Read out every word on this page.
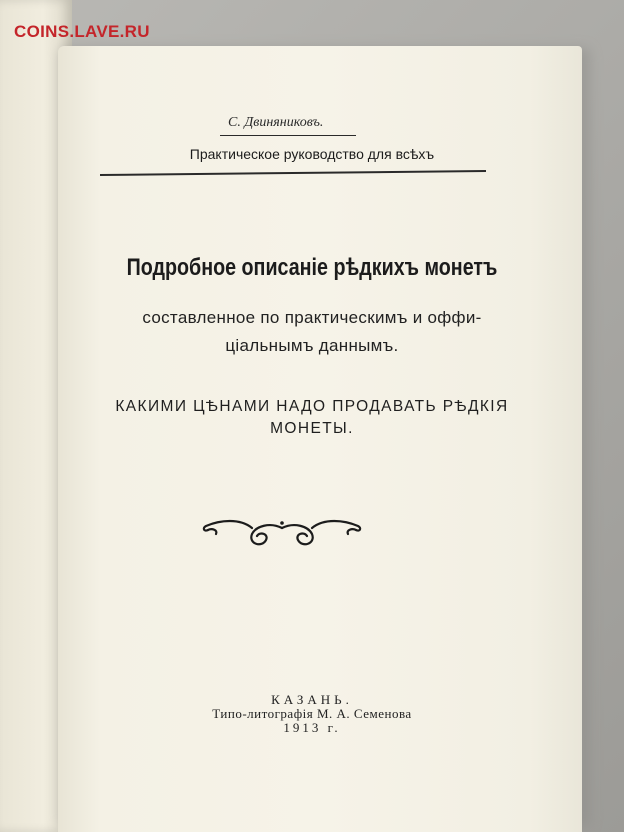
COINS.LAVE.RU
С. Двиняниковъ.
Практическое руководство для всѣхъ
Подробное описаніе рѣдкихъ монетъ
составленное по практическимъ и оффи-
ціальнымъ даннымъ.
КАКИМИ ЦѢНАМИ НАДО ПРОДАВАТЬ РѢДКІЯ
МОНЕТЫ.
КАЗАНЬ.
Типо-литографія М. А. Семенова
1913 г.
